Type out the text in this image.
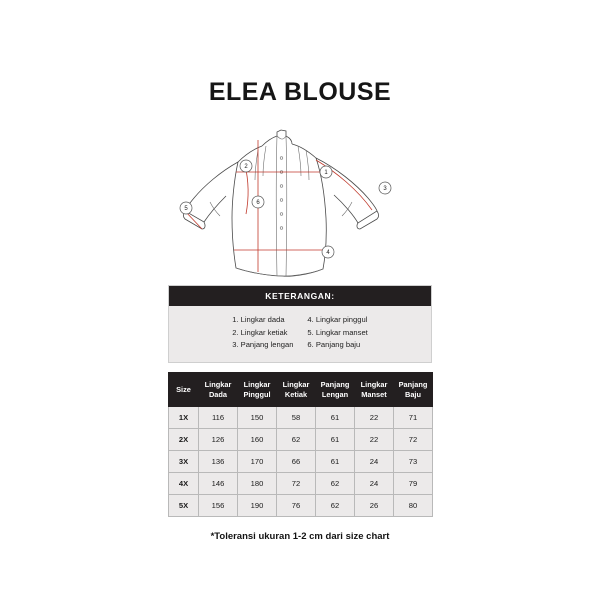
ELEA BLOUSE
1
2
3
4
5
6
KETERANGAN:
1. Lingkar dada
2. Lingkar ketiak
3. Panjang lengan
4. Lingkar pinggul
5. Lingkar manset
6. Panjang baju
Size	Lingkar Dada	Lingkar Pinggul	Lingkar Ketiak	Panjang Lengan	Lingkar Manset	Panjang Baju
1X	116	150	58	61	22	71
2X	126	160	62	61	22	72
3X	136	170	66	61	24	73
4X	146	180	72	62	24	79
5X	156	190	76	62	26	80
*Toleransi ukuran 1-2 cm dari size chart
